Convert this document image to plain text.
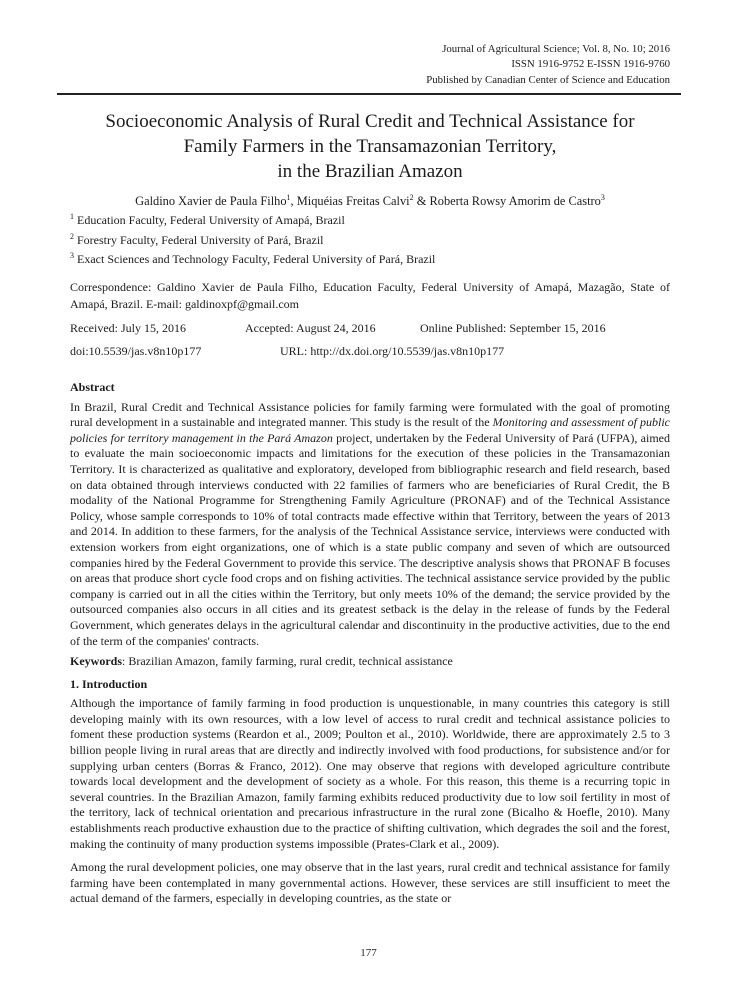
Journal of Agricultural Science; Vol. 8, No. 10; 2016
ISSN 1916-9752 E-ISSN 1916-9760
Published by Canadian Center of Science and Education
Socioeconomic Analysis of Rural Credit and Technical Assistance for
Family Farmers in the Transamazonian Territory,
in the Brazilian Amazon
Galdino Xavier de Paula Filho$^1$, Miquéias Freitas Calvi$^2$ & Roberta Rowsy Amorim de Castro$^3$
$^1$ Education Faculty, Federal University of Amapá, Brazil
$^2$ Forestry Faculty, Federal University of Pará, Brazil
$^3$ Exact Sciences and Technology Faculty, Federal University of Pará, Brazil

Correspondence: Galdino Xavier de Paula Filho, Education Faculty, Federal University of Amapá, Mazagão, State of Amapá, Brazil. E-mail: galdinoxpf@gmail.com

Received: July 15, 2016	Accepted: August 24, 2016	Online Published: September 15, 2016
doi:10.5539/jas.v8n10p177	URL: http://dx.doi.org/10.5539/jas.v8n10p177

Abstract

In Brazil, Rural Credit and Technical Assistance policies for family farming were formulated with the goal of promoting rural development in a sustainable and integrated manner. This study is the result of the Monitoring and assessment of public policies for territory management in the Pará Amazon project, undertaken by the Federal University of Pará (UFPA), aimed to evaluate the main socioeconomic impacts and limitations for the execution of these policies in the Transamazonian Territory. It is characterized as qualitative and exploratory, developed from bibliographic research and field research, based on data obtained through interviews conducted with 22 families of farmers who are beneficiaries of Rural Credit, the B modality of the National Programme for Strengthening Family Agriculture (PRONAF) and of the Technical Assistance Policy, whose sample corresponds to 10% of total contracts made effective within that Territory, between the years of 2013 and 2014. In addition to these farmers, for the analysis of the Technical Assistance service, interviews were conducted with extension workers from eight organizations, one of which is a state public company and seven of which are outsourced companies hired by the Federal Government to provide this service. The descriptive analysis shows that PRONAF B focuses on areas that produce short cycle food crops and on fishing activities. The technical assistance service provided by the public company is carried out in all the cities within the Territory, but only meets 10% of the demand; the service provided by the outsourced companies also occurs in all cities and its greatest setback is the delay in the release of funds by the Federal Government, which generates delays in the agricultural calendar and discontinuity in the productive activities, due to the end of the term of the companies' contracts.

Keywords: Brazilian Amazon, family farming, rural credit, technical assistance

1. Introduction

Although the importance of family farming in food production is unquestionable, in many countries this category is still developing mainly with its own resources, with a low level of access to rural credit and technical assistance policies to foment these production systems (Reardon et al., 2009; Poulton et al., 2010). Worldwide, there are approximately 2.5 to 3 billion people living in rural areas that are directly and indirectly involved with food productions, for subsistence and/or for supplying urban centers (Borras & Franco, 2012). One may observe that regions with developed agriculture contribute towards local development and the development of society as a whole. For this reason, this theme is a recurring topic in several countries. In the Brazilian Amazon, family farming exhibits reduced productivity due to low soil fertility in most of the territory, lack of technical orientation and precarious infrastructure in the rural zone (Bicalho & Hoefle, 2010). Many establishments reach productive exhaustion due to the practice of shifting cultivation, which degrades the soil and the forest, making the continuity of many production systems impossible (Prates-Clark et al., 2009).

Among the rural development policies, one may observe that in the last years, rural credit and technical assistance for family farming have been contemplated in many governmental actions. However, these services are still insufficient to meet the actual demand of the farmers, especially in developing countries, as the state or

177
